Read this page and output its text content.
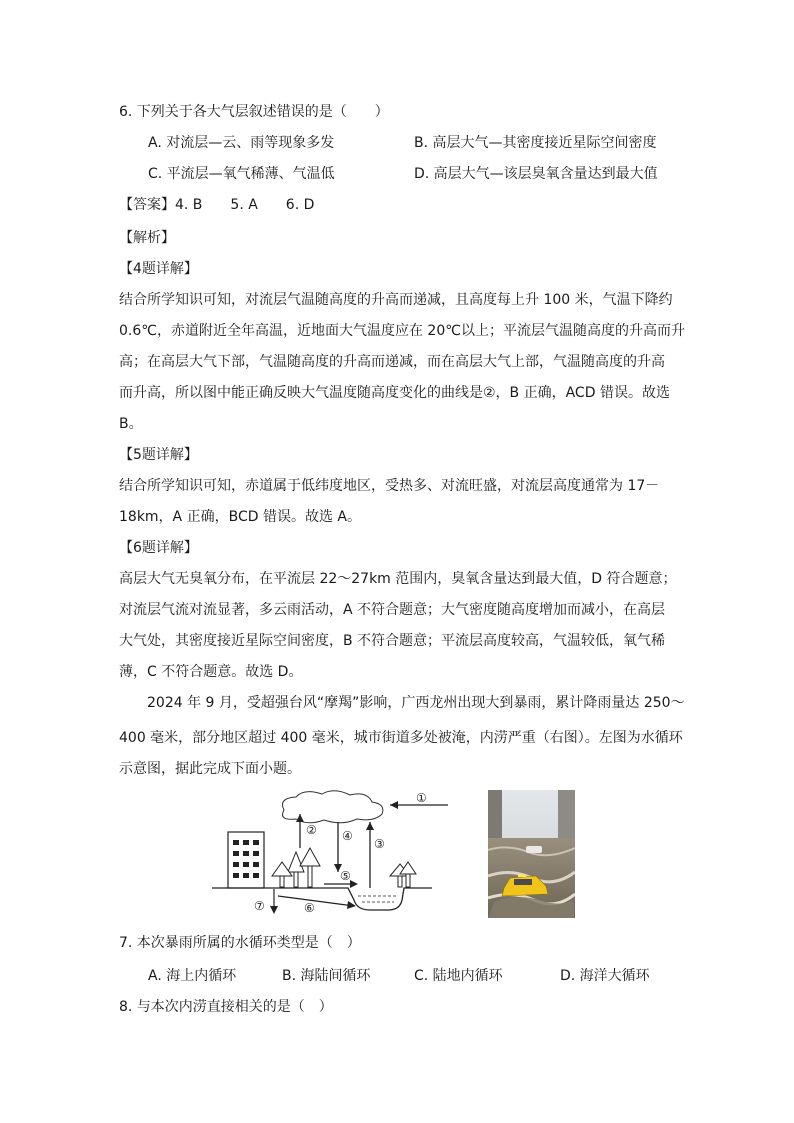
6. 下列关于各大气层叙述错误的是（　　）
A. 对流层—云、雨等现象多发	B. 高层大气—其密度接近星际空间密度
C. 平流层—氧气稀薄、气温低	D. 高层大气—该层臭氧含量达到最大值
【答案】4. B　　5. A　　6. D
【解析】
【4题详解】
结合所学知识可知，对流层气温随高度的升高而递减，且高度每上升 100 米，气温下降约
0.6℃，赤道附近全年高温，近地面大气温度应在 20℃以上；平流层气温随高度的升高而升
高；在高层大气下部，气温随高度的升高而递减，而在高层大气上部，气温随高度的升高
而升高，所以图中能正确反映大气温度随高度变化的曲线是②，B 正确，ACD 错误。故选
B。
【5题详解】
结合所学知识可知，赤道属于低纬度地区，受热多、对流旺盛，对流层高度通常为 17－
18km，A 正确，BCD 错误。故选 A。
【6题详解】
高层大气无臭氧分布，在平流层 22～27km 范围内，臭氧含量达到最大值，D 符合题意；
对流层气流对流显著，多云雨活动，A 不符合题意；大气密度随高度增加而减小，在高层
大气处，其密度接近星际空间密度，B 不符合题意；平流层高度较高，气温较低，氧气稀
薄，C 不符合题意。故选 D。
2024 年 9 月，受超强台风“摩羯”影响，广西龙州出现大到暴雨，累计降雨量达 250～
400 毫米，部分地区超过 400 毫米，城市街道多处被淹，内涝严重（右图）。左图为水循环
示意图，据此完成下面小题。
①
② ④
③
⑤
⑥
⑦
7. 本次暴雨所属的水循环类型是（　）
A. 海上内循环	B. 海陆间循环	C. 陆地内循环	D. 海洋大循环
8. 与本次内涝直接相关的是（　）
